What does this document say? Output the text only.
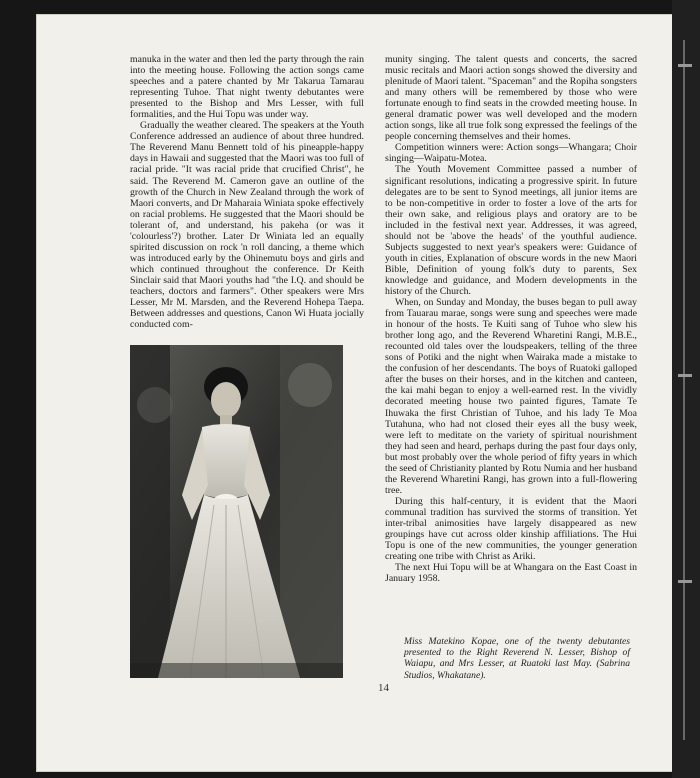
manuka in the water and then led the party through the rain into the meeting house. Following the action songs came speeches and a patere chanted by Mr Takarua Tamarau representing Tuhoe. That night twenty debutantes were presented to the Bishop and Mrs Lesser, with full formalities, and the Hui Topu was under way.

Gradually the weather cleared. The speakers at the Youth Conference addressed an audience of about three hundred. The Reverend Manu Bennett told of his pineapple-happy days in Hawaii and suggested that the Maori was too full of racial pride. "It was racial pride that crucified Christ", he said. The Reverend M. Cameron gave an outline of the growth of the Church in New Zealand through the work of Maori converts, and Dr Maharaia Winiata spoke effectively on racial problems. He suggested that the Maori should be tolerant of, and understand, his pakeha (or was it 'colourless'?) brother. Later Dr Winiata led an equally spirited discussion on rock 'n roll dancing, a theme which was introduced early by the Ohinemutu boys and girls and which continued throughout the conference. Dr Keith Sinclair said that Maori youths had "the I.Q. and should be teachers, doctors and farmers". Other speakers were Mrs Lesser, Mr M. Marsden, and the Reverend Hohepa Taepa. Between addresses and questions, Canon Wi Huata jocially conducted com-

munity singing. The talent quests and concerts, the sacred music recitals and Maori action songs showed the diversity and plenitude of Maori talent. "Spaceman" and the Ropiha songsters and many others will be remembered by those who were fortunate enough to find seats in the crowded meeting house. In general dramatic power was well developed and the modern action songs, like all true folk song expressed the feelings of the people concerning themselves and their homes.

Competition winners were: Action songs—Whangara; Choir singing—Waipatu-Motea.

The Youth Movement Committee passed a number of significant resolutions, indicating a progressive spirit. In future delegates are to be sent to Synod meetings, all junior items are to be non-competitive in order to foster a love of the arts for their own sake, and religious plays and oratory are to be included in the festival next year. Addresses, it was agreed, should not be 'above the heads' of the youthful audience. Subjects suggested to next year's speakers were: Guidance of youth in cities, Explanation of obscure words in the new Maori Bible, Definition of young folk's duty to parents, Sex knowledge and guidance, and Modern developments in the history of the Church.

When, on Sunday and Monday, the buses began to pull away from Tauarau marae, songs were sung and speeches were made in honour of the hosts. Te Kuiti sang of Tuhoe who slew his brother long ago, and the Reverend Wharetini Rangi, M.B.E., recounted old tales over the loudspeakers, telling of the three sons of Potiki and the night when Wairaka made a mistake to the confusion of her descendants. The boys of Ruatoki galloped after the buses on their horses, and in the kitchen and canteen, the kai mahi began to enjoy a well-earned rest. In the vividly decorated meeting house two painted figures, Tamate Te Ihuwaka the first Christian of Tuhoe, and his lady Te Moa Tutahuna, who had not closed their eyes all the busy week, were left to meditate on the variety of spiritual nourishment they had seen and heard, perhaps during the past four days only, but most probably over the whole period of fifty years in which the seed of Christianity planted by Rotu Numia and her husband the Reverend Wharetini Rangi, has grown into a full-flowering tree.

During this half-century, it is evident that the Maori communal tradition has survived the storms of transition. Yet inter-tribal animosities have largely disappeared as new groupings have cut across older kinship affiliations. The Hui Topu is one of the new communities, the younger generation creating one tribe with Christ as Ariki.

The next Hui Topu will be at Whangara on the East Coast in January 1958.

Miss Matekino Kopae, one of the twenty debutantes presented to the Right Reverend N. Lesser, Bishop of Waiapu, and Mrs Lesser, at Ruatoki last May. (Sabrina Studios, Whakatane).
14
